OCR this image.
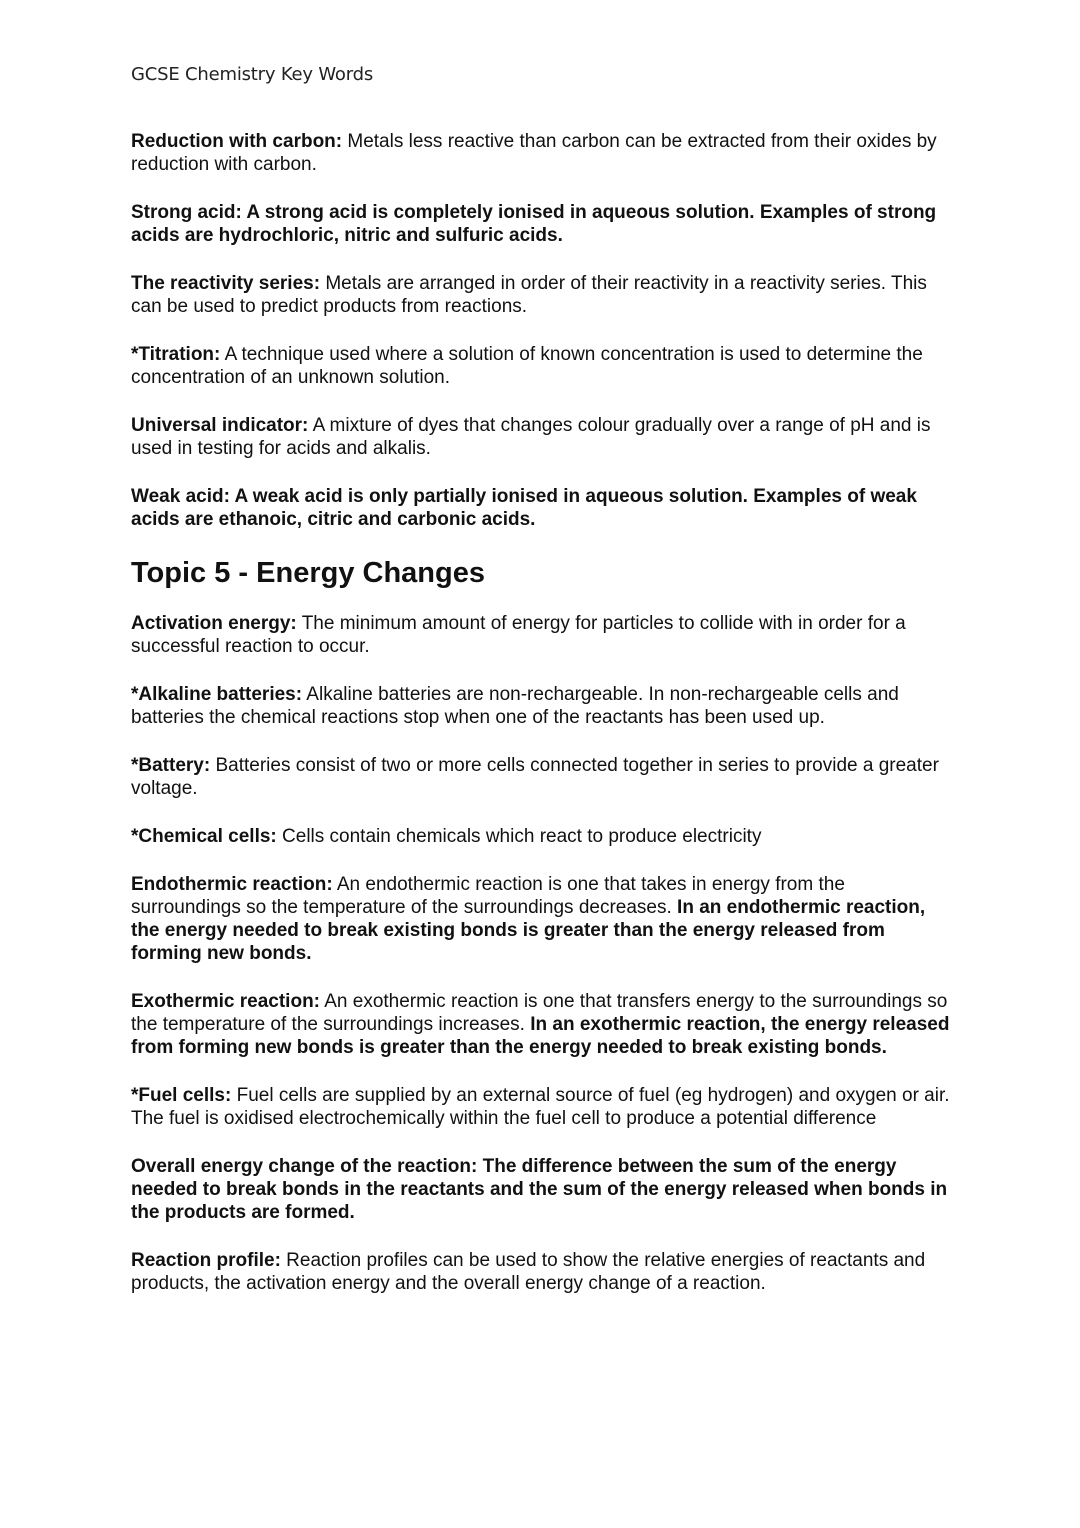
GCSE Chemistry Key Words

Reduction with carbon: Metals less reactive than carbon can be extracted from their oxides by reduction with carbon.

Strong acid: A strong acid is completely ionised in aqueous solution. Examples of strong acids are hydrochloric, nitric and sulfuric acids.

The reactivity series: Metals are arranged in order of their reactivity in a reactivity series. This can be used to predict products from reactions.

*Titration: A technique used where a solution of known concentration is used to determine the concentration of an unknown solution.

Universal indicator: A mixture of dyes that changes colour gradually over a range of pH and is used in testing for acids and alkalis.

Weak acid: A weak acid is only partially ionised in aqueous solution. Examples of weak acids are ethanoic, citric and carbonic acids.

Topic 5 - Energy Changes

Activation energy: The minimum amount of energy for particles to collide with in order for a successful reaction to occur.

*Alkaline batteries: Alkaline batteries are non-rechargeable. In non-rechargeable cells and batteries the chemical reactions stop when one of the reactants has been used up.

*Battery: Batteries consist of two or more cells connected together in series to provide a greater voltage.

*Chemical cells: Cells contain chemicals which react to produce electricity

Endothermic reaction: An endothermic reaction is one that takes in energy from the surroundings so the temperature of the surroundings decreases. In an endothermic reaction, the energy needed to break existing bonds is greater than the energy released from forming new bonds.

Exothermic reaction: An exothermic reaction is one that transfers energy to the surroundings so the temperature of the surroundings increases. In an exothermic reaction, the energy released from forming new bonds is greater than the energy needed to break existing bonds.

*Fuel cells: Fuel cells are supplied by an external source of fuel (eg hydrogen) and oxygen or air. The fuel is oxidised electrochemically within the fuel cell to produce a potential difference

Overall energy change of the reaction: The difference between the sum of the energy needed to break bonds in the reactants and the sum of the energy released when bonds in the products are formed.

Reaction profile: Reaction profiles can be used to show the relative energies of reactants and products, the activation energy and the overall energy change of a reaction.
